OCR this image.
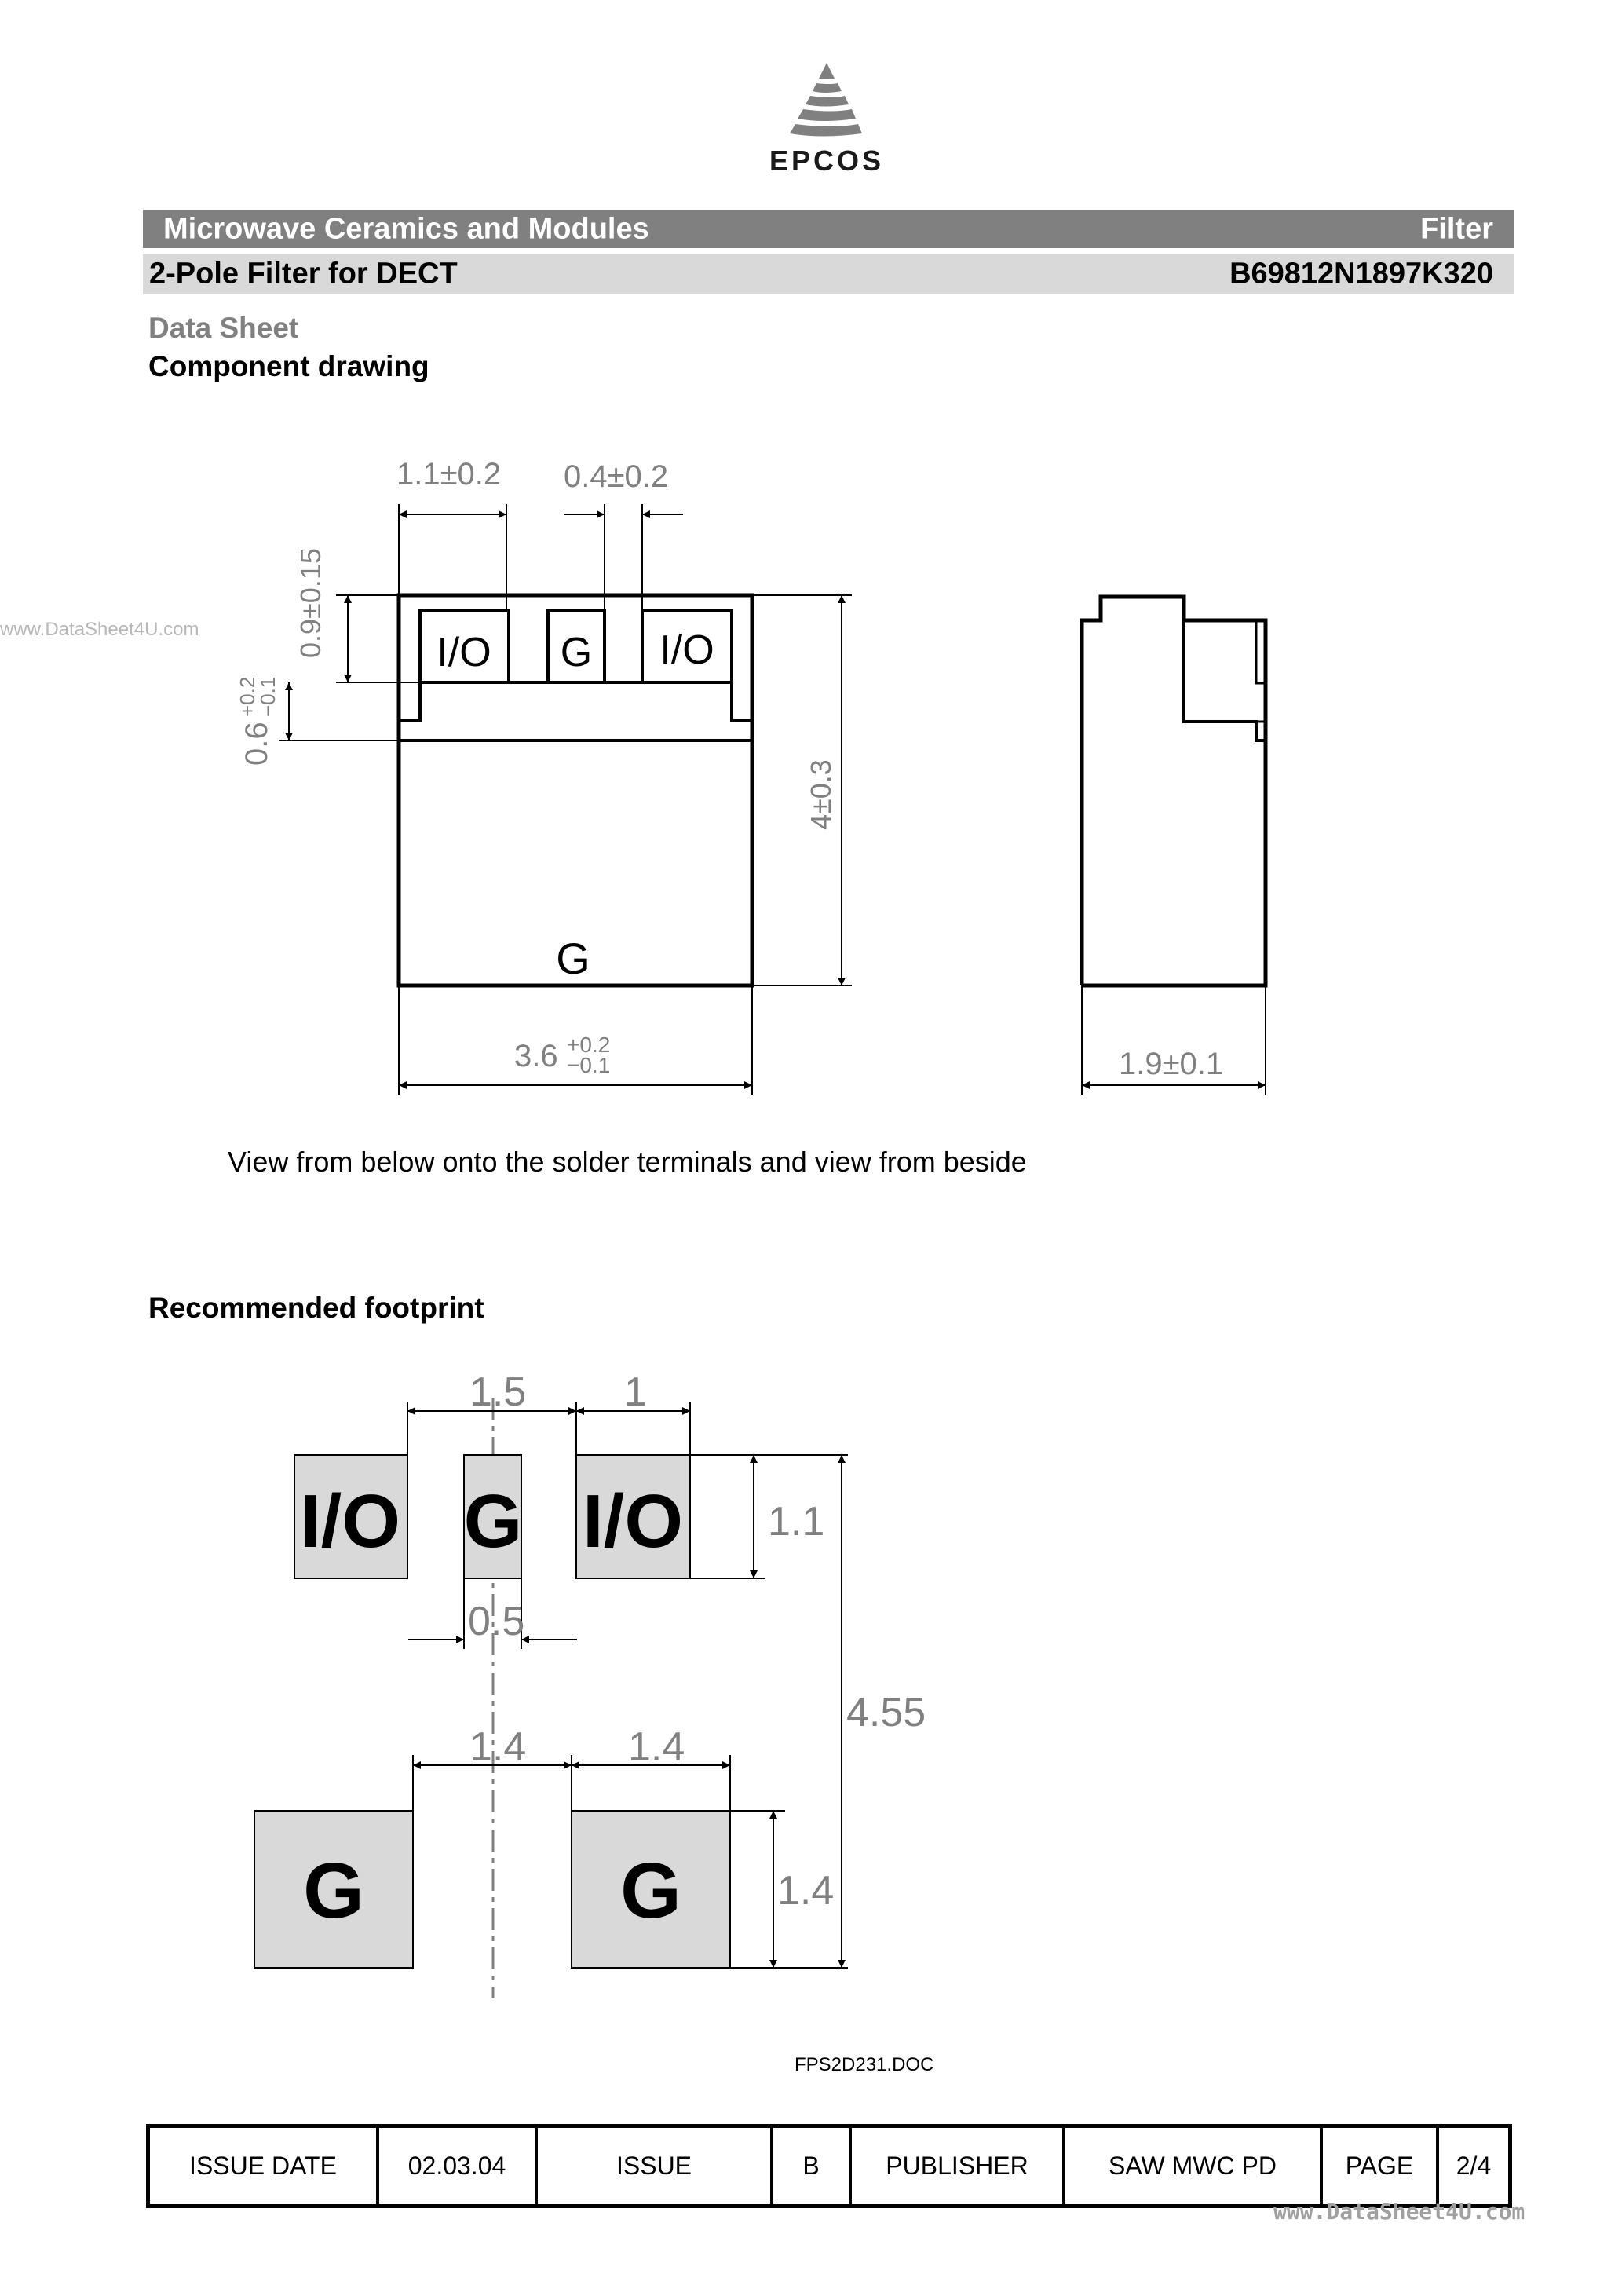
EPCOS
Microwave Ceramics and Modules	Filter
2-Pole Filter for DECT	B69812N1897K320
Data Sheet
Component drawing
www.DataSheet4U.com
I/O G I/O
G
1.1±0.2 0.4±0.2
0.9±0.15
4±0.3
0.6
+0.2
−0.1
3.6 +0.2
−0.1	1.9±0.1
View from below onto the solder terminals and view from beside
Recommended footprint
I/O G I/O
G	G
1.5 1
1.1
4.55
0.5
1.4 1.4
1.4
FPS2D231.DOC
ISSUE DATE	02.03.04	ISSUE	B	PUBLISHER	SAW MWC PD	PAGE	2/4
www.DataSheet4U.com
